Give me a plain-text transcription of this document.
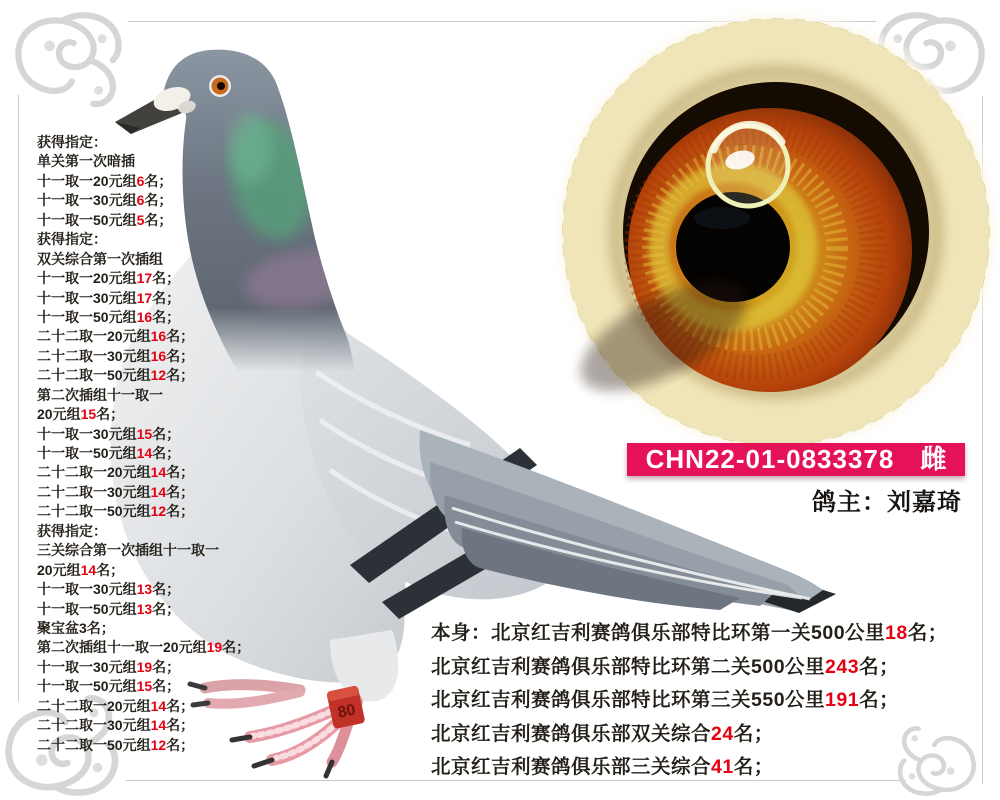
80
获得指定：
单关第一次暗插
十一取一20元组6名；
十一取一30元组6名；
十一取一50元组5名；
获得指定：
双关综合第一次插组
十一取一20元组17名；
十一取一30元组17名；
十一取一50元组16名；
二十二取一20元组16名；
二十二取一30元组16名；
二十二取一50元组12名；
第二次插组十一取一
20元组15名；
十一取一30元组15名；
十一取一50元组14名；
二十二取一20元组14名；
二十二取一30元组14名；
二十二取一50元组12名；
获得指定：
三关综合第一次插组十一取一
20元组14名；
十一取一30元组13名；
十一取一50元组13名；
聚宝盆3名；
第二次插组十一取一20元组19名；
十一取一30元组19名；
十一取一50元组15名；
二十二取一20元组14名；
二十二取一30元组14名；
二十二取一50元组12名；
CHN22-01-0833378 雌
鸽主：刘嘉琦
本身：北京红吉利赛鸽俱乐部特比环第一关500公里18名；
北京红吉利赛鸽俱乐部特比环第二关500公里243名；
北京红吉利赛鸽俱乐部特比环第三关550公里191名；
北京红吉利赛鸽俱乐部双关综合24名；
北京红吉利赛鸽俱乐部三关综合41名；
